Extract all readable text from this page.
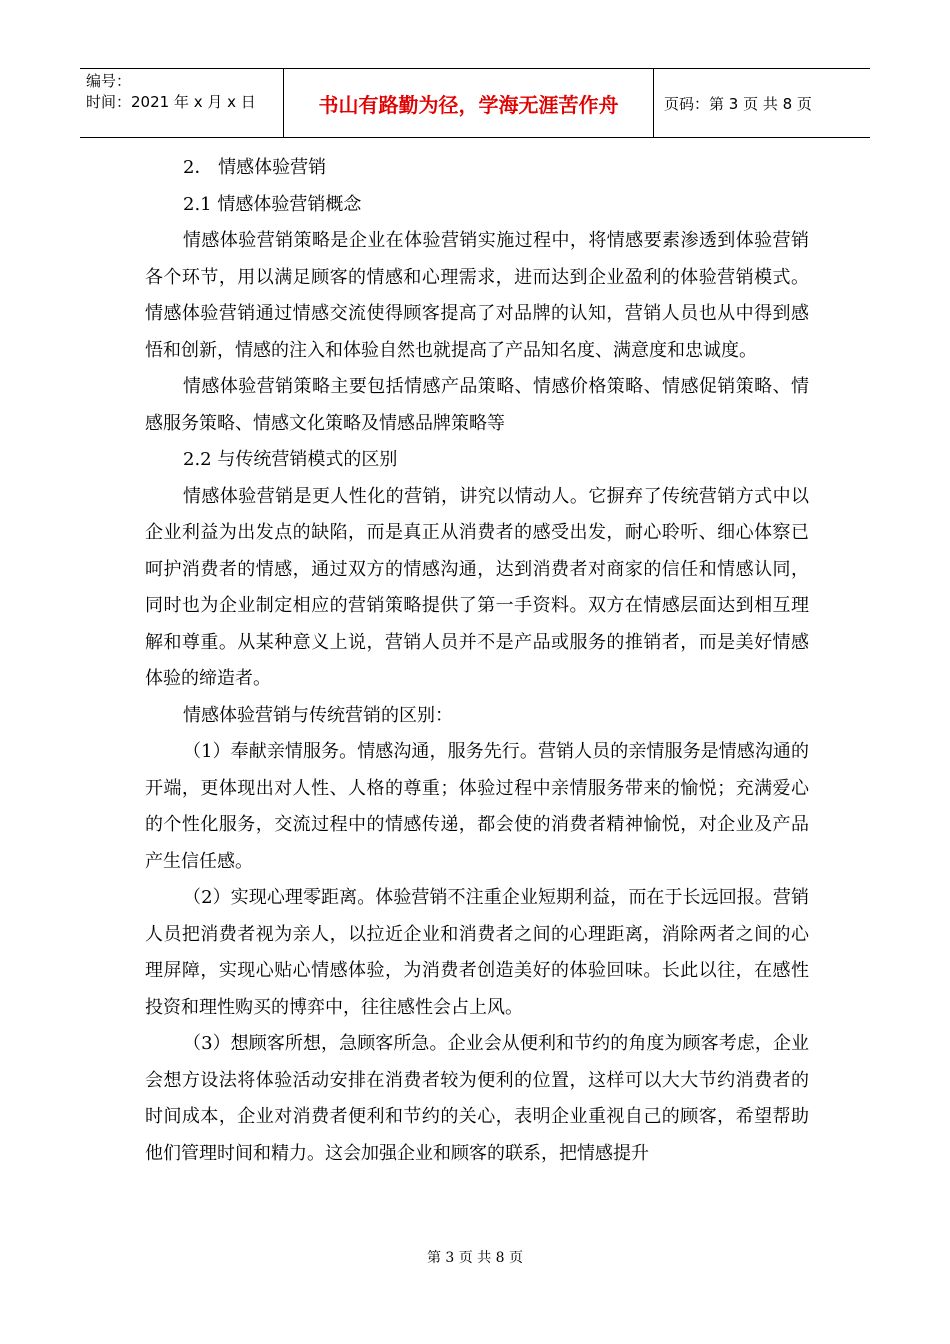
编号：
时间：2021 年 x 月 x 日	书山有路勤为径，学海无涯苦作舟	页码：第 3 页 共 8 页

2． 情感体验营销

2.1 情感体验营销概念

情感体验营销策略是企业在体验营销实施过程中，将情感要素渗透到体验营销各个环节，用以满足顾客的情感和心理需求，进而达到企业盈利的体验营销模式。情感体验营销通过情感交流使得顾客提高了对品牌的认知，营销人员也从中得到感悟和创新，情感的注入和体验自然也就提高了产品知名度、满意度和忠诚度。

情感体验营销策略主要包括情感产品策略、情感价格策略、情感促销策略、情感服务策略、情感文化策略及情感品牌策略等

2.2 与传统营销模式的区别

情感体验营销是更人性化的营销，讲究以情动人。它摒弃了传统营销方式中以企业利益为出发点的缺陷，而是真正从消费者的感受出发，耐心聆听、细心体察已呵护消费者的情感，通过双方的情感沟通，达到消费者对商家的信任和情感认同，同时也为企业制定相应的营销策略提供了第一手资料。双方在情感层面达到相互理解和尊重。从某种意义上说，营销人员并不是产品或服务的推销者，而是美好情感体验的缔造者。

情感体验营销与传统营销的区别：

（1）奉献亲情服务。情感沟通，服务先行。营销人员的亲情服务是情感沟通的开端，更体现出对人性、人格的尊重；体验过程中亲情服务带来的愉悦；充满爱心的个性化服务，交流过程中的情感传递，都会使的消费者精神愉悦，对企业及产品产生信任感。

（2）实现心理零距离。体验营销不注重企业短期利益，而在于长远回报。营销人员把消费者视为亲人，以拉近企业和消费者之间的心理距离，消除两者之间的心理屏障，实现心贴心情感体验，为消费者创造美好的体验回味。长此以往，在感性投资和理性购买的博弈中，往往感性会占上风。

（3）想顾客所想，急顾客所急。企业会从便利和节约的角度为顾客考虑，企业会想方设法将体验活动安排在消费者较为便利的位置，这样可以大大节约消费者的时间成本，企业对消费者便利和节约的关心，表明企业重视自己的顾客，希望帮助他们管理时间和精力。这会加强企业和顾客的联系，把情感提升

第 3 页 共 8 页
